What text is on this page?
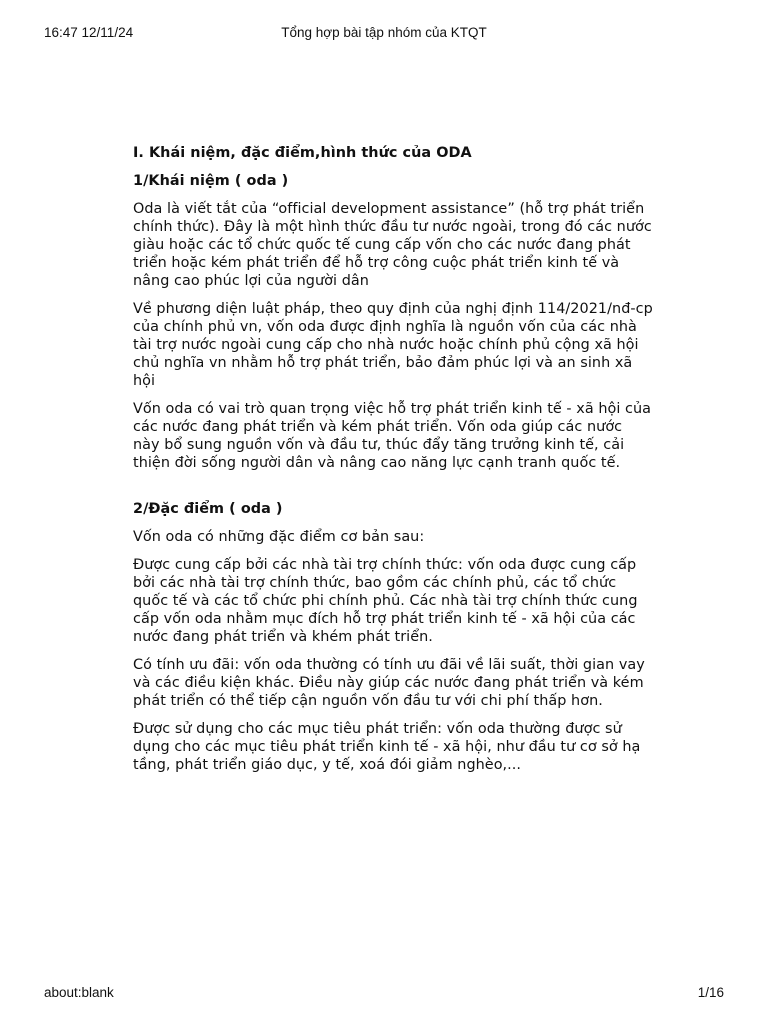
16:47 12/11/24	Tổng hợp bài tập nhóm của KTQT
I. Khái niệm, đặc điểm,hình thức của ODA
1/Khái niệm ( oda )

Oda là viết tắt của “official development assistance” (hỗ trợ phát triển chính thức). Đây là một hình thức đầu tư nước ngoài, trong đó các nước giàu hoặc các tổ chức quốc tế cung cấp vốn cho các nước đang phát triển hoặc kém phát triển để hỗ trợ công cuộc phát triển kinh tế và nâng cao phúc lợi của người dân

Về phương diện luật pháp, theo quy định của nghị định 114/2021/nđ-cp của chính phủ vn, vốn oda được định nghĩa là nguồn vốn của các nhà tài trợ nước ngoài cung cấp cho nhà nước hoặc chính phủ cộng xã hội chủ nghĩa vn nhằm hỗ trợ phát triển, bảo đảm phúc lợi và an sinh xã hội

Vốn oda có vai trò quan trọng việc hỗ trợ phát triển kinh tế - xã hội của các nước đang phát triển và kém phát triển. Vốn oda giúp các nước này bổ sung nguồn vốn và đầu tư, thúc đẩy tăng trưởng kinh tế, cải thiện đời sống người dân và nâng cao năng lực cạnh tranh quốc tế.

2/Đặc điểm ( oda )

Vốn oda có những đặc điểm cơ bản sau:

Được cung cấp bởi các nhà tài trợ chính thức: vốn oda được cung cấp bởi các nhà tài trợ chính thức, bao gồm các chính phủ, các tổ chức quốc tế và các tổ chức phi chính phủ. Các nhà tài trợ chính thức cung cấp vốn oda nhằm mục đích hỗ trợ phát triển kinh tế - xã hội của các nước đang phát triển và khém phát triển.

Có tính ưu đãi: vốn oda thường có tính ưu đãi về lãi suất, thời gian vay và các điều kiện khác. Điều này giúp các nước đang phát triển và kém phát triển có thể tiếp cận nguồn vốn đầu tư với chi phí thấp hơn.

Được sử dụng cho các mục tiêu phát triển: vốn oda thường được sử dụng cho các mục tiêu phát triển kinh tế - xã hội, như đầu tư cơ sở hạ tầng, phát triển giáo dục, y tế, xoá đói giảm nghèo,...

about:blank	1/16
